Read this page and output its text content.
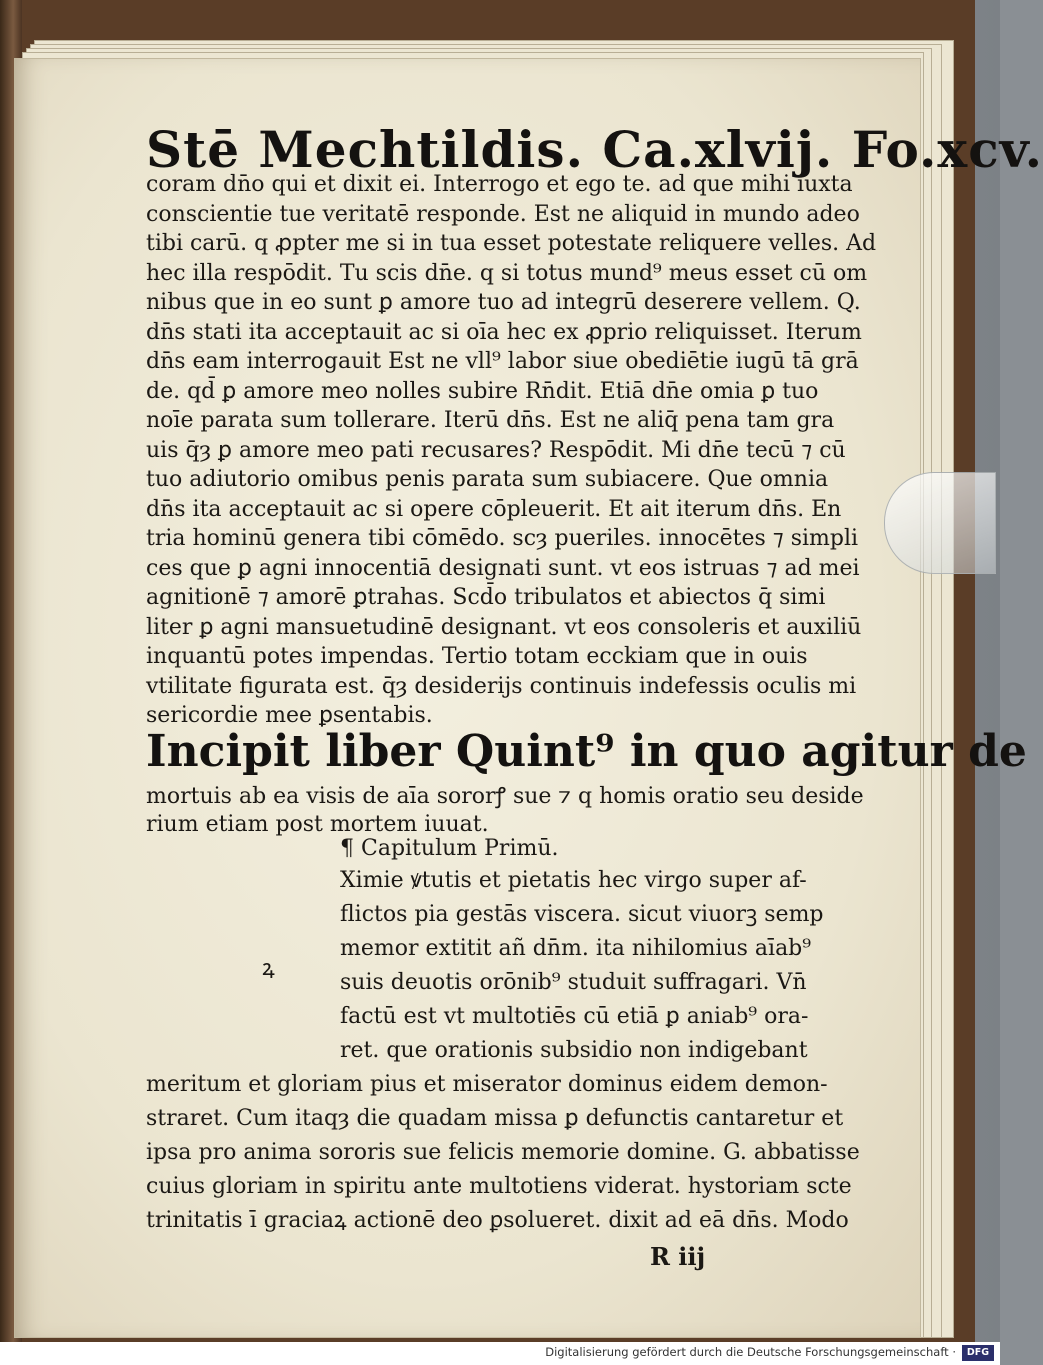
Stē Mechtildis. Ca.xlvij. Fo.xcv.
coram dn̄o qui et dixit ei. Interrogo et ego te. ad que mihi iuxta
conscientie tue veritatē responde. Est ne aliquid in mundo adeo
tibi carū. q ꝓpter me si in tua esset potestate reliquere velles. Ad
hec illa respōdit. Tu scis dn̄e. q si totus mund⁹ meus esset cū om
nibus que in eo sunt ꝑ amore tuo ad integrū deserere vellem. Q.
dn̄s stati ita acceptauit ac si oīa hec ex ꝓprio reliquisset. Iterum
dn̄s eam interrogauit Est ne vll⁹ labor siue obediētie iugū tā grā
de. qd̄ ꝑ amore meo nolles subire Rn̄dit. Etiā dn̄e omia ꝑ tuo
noīe parata sum tollerare. Iterū dn̄s. Est ne aliq̄ pena tam gra
uis q̄ȝ ꝑ amore meo pati recusares? Respōdit. Mi dn̄e tecū ⁊ cū
tuo adiutorio omibus penis parata sum subiacere. Que omnia
dn̄s ita acceptauit ac si opere cōpleuerit. Et ait iterum dn̄s. En
tria hominū genera tibi cōmēdo. scȝ pueriles. innocētes ⁊ simpli
ces que ꝑ agni innocentiā designati sunt. vt eos istruas ⁊ ad mei
agnitionē ⁊ amorē ꝑtrahas. Scd̄o tribulatos et abiectos q̄ simi
liter ꝑ agni mansuetudinē designant. vt eos consoleris et auxiliū
Incipit liber Quint⁹ in quo agitur de
mortuis ab ea visis de aīa sororꝭ sue ⁊ q homis oratio seu deside
rium etiam post mortem iuuat.
¶ Capitulum Primū.
Ximie ꝟtutis et pietatis hec virgo super af-
flictos pia gestās viscera. sicut viuorꝫ semp
memor extitit añ dn̄m. ita nihilomius aīab⁹
suis deuotis orōnib⁹ studuit suffragari. Vn̄
factū est vt multotiēs cū etiā ꝑ aniab⁹ ora-
ret. que orationis subsidio non indigebant
ꝝ
meritum et gloriam pius et miserator dominus eidem demon-
straret. Cum itaqȝ die quadam missa ꝑ defunctis cantaretur et
ipsa pro anima sororis sue felicis memorie domine. G. abbatisse
R iij
Digitalisierung gefördert durch die Deutsche Forschungsgemeinschaft ·	DFG
inquantū potes impendas. Tertio totam ecckiam que in ouis
vtilitate figurata est. q̄ȝ desiderijs continuis indefessis oculis mi
sericordie mee ꝑsentabis.
cuius gloriam in spiritu ante multotiens viderat. hystoriam scte
trinitatis ī graciaꝝ actionē deo ꝑsolueret. dixit ad eā dn̄s. Modo
